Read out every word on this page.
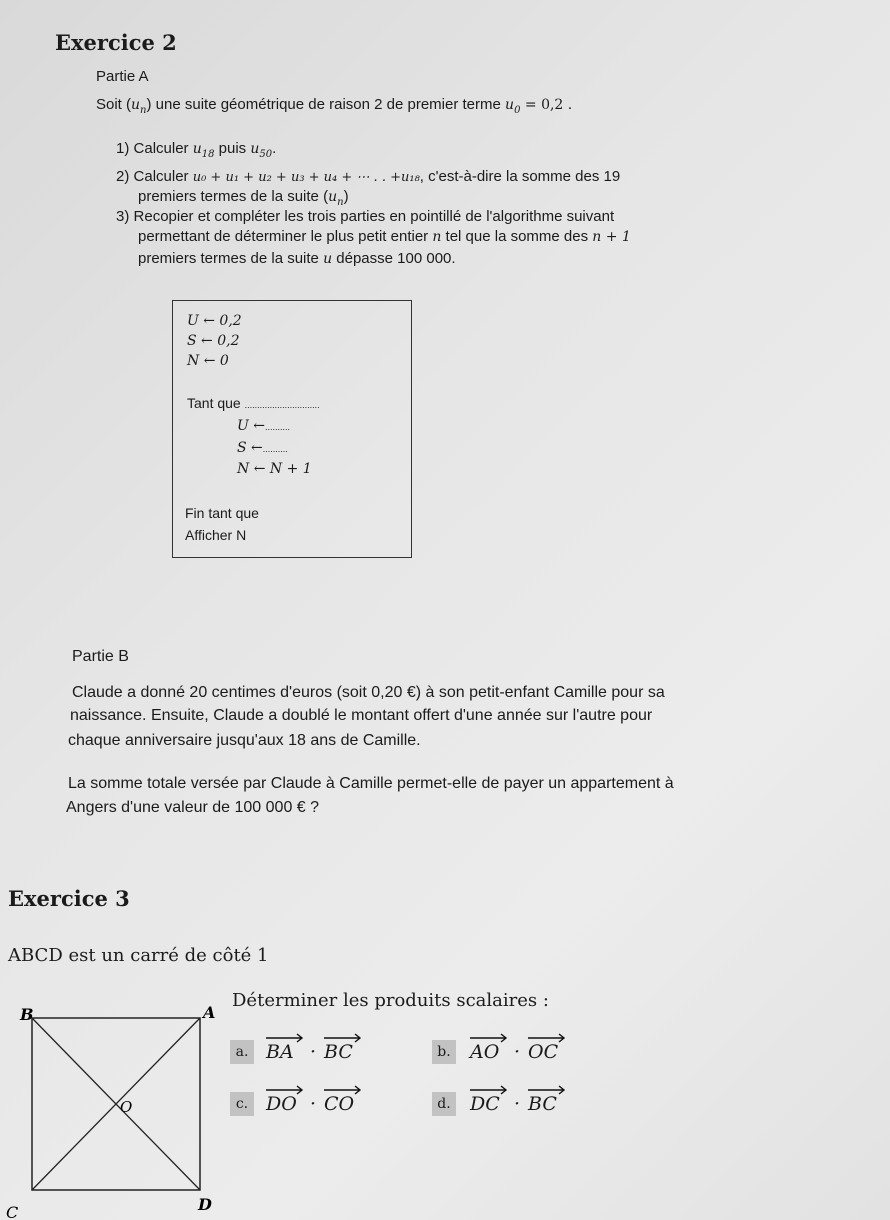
Exercice 2
Partie A
Soit $(u_n)$ une suite géométrique de raison 2 de premier terme $u_0 = 0,2$ .
1) Calculer $u_{18}$ puis $u_{50}$.
2) Calculer u₀ + u₁ + u₂ + u₃ + u₄ + ⋯ . . +u₁₈, c'est-à-dire la somme des 19
premiers termes de la suite $(u_n)$
3) Recopier et compléter les trois parties en pointillé de l'algorithme suivant
permettant de déterminer le plus petit entier n tel que la somme des n + 1
premiers termes de la suite u dépasse 100 000.
U ← 0,2
S ← 0,2
N ← 0
Tant que ..............................
U ←..........
S ←..........
N ← N + 1
Fin tant que
Afficher N
Partie B
Claude a donné 20 centimes d'euros (soit 0,20 €) à son petit-enfant Camille pour sa
naissance. Ensuite, Claude a doublé le montant offert d'une année sur l'autre pour
chaque anniversaire jusqu'aux 18 ans de Camille.
La somme totale versée par Claude à Camille permet-elle de payer un appartement à
Angers d'une valeur de 100 000 € ?
Exercice 3
ABCD est un carré de côté 1
B	A
C	D
O
Déterminer les produits scalaires :
a. BA · BC	b. AO · OC
c. DO · CO	d. DC · BC
